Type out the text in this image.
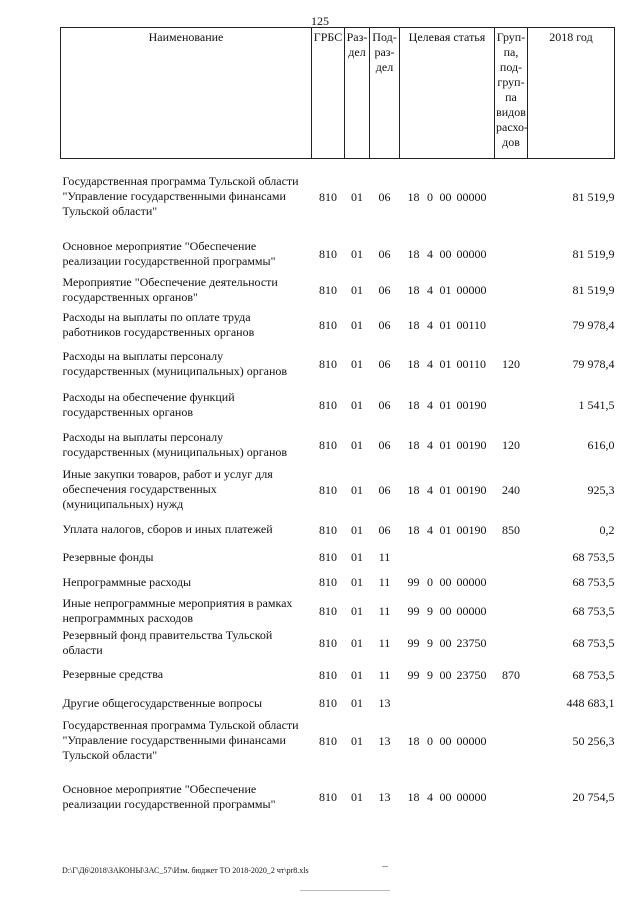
125
Наименование	ГРБС	Раз-дел	Под-раз-дел	Целевая статья	Груп-па, под-груп-па видов расхо-дов	2018 год
Государственная программа Тульской области "Управление государственными финансами Тульской области"	810	01	06	18 0 00 00000		81 519,9
Основное мероприятие "Обеспечение реализации государственной программы"	810	01	06	18 4 00 00000		81 519,9
Мероприятие "Обеспечение деятельности государственных органов"	810	01	06	18 4 01 00000		81 519,9
Расходы на выплаты по оплате труда работников государственных органов	810	01	06	18 4 01 00110		79 978,4
Расходы на выплаты персоналу государственных (муниципальных) органов	810	01	06	18 4 01 00110	120	79 978,4
Расходы на обеспечение функций государственных органов	810	01	06	18 4 01 00190		1 541,5
Расходы на выплаты персоналу государственных (муниципальных) органов	810	01	06	18 4 01 00190	120	616,0
Иные закупки товаров, работ и услуг для обеспечения государственных (муниципальных) нужд	810	01	06	18 4 01 00190	240	925,3
Уплата налогов, сборов и иных платежей	810	01	06	18 4 01 00190	850	0,2
Резервные фонды	810	01	11			68 753,5
Непрограммные расходы	810	01	11	99 0 00 00000		68 753,5
Иные непрограммные мероприятия в рамках непрограммных расходов	810	01	11	99 9 00 00000		68 753,5
Резервный фонд правительства Тульской области	810	01	11	99 9 00 23750		68 753,5
Резервные средства	810	01	11	99 9 00 23750	870	68 753,5
Другие общегосударственные вопросы	810	01	13			448 683,1
Государственная программа Тульской области "Управление государственными финансами Тульской области"	810	01	13	18 0 00 00000		50 256,3
Основное мероприятие "Обеспечение реализации государственной программы"	810	01	13	18 4 00 00000		20 754,5
D:\Г\Д6\2018\ЗАКОНЫ\ЗАС_57\Изм. бюджет ТО 2018-2020_2 чт\pr8.xls
